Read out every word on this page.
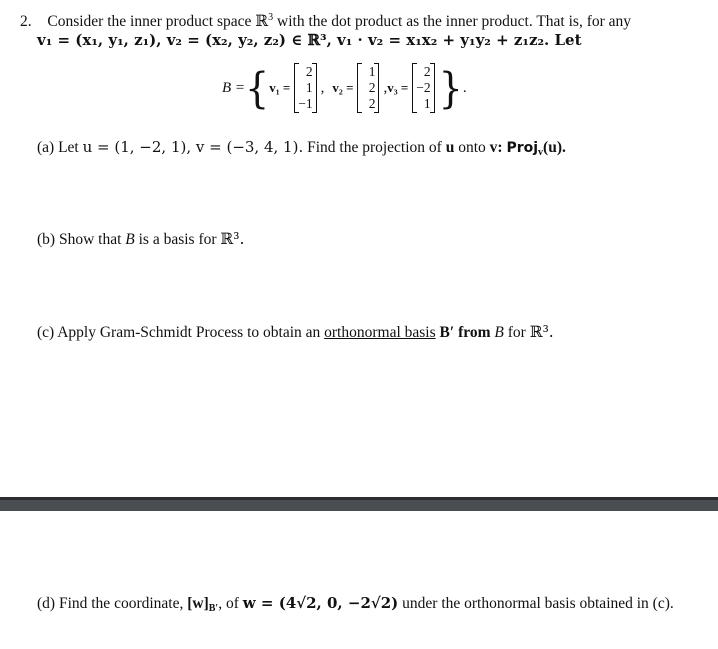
2. Consider the inner product space ℝ$^3$ with the dot product as the inner product. That is, for any
v₁ = (x₁, y₁, z₁), v₂ = (x₂, y₂, z₂) ∈ ℝ³, v₁ · v₂ = x₁x₂ + y₁y₂ + z₁z₂. Let
B = { v₁ =
2
1
−1
, v₂ =
1
2
2
, v₃ =
2
−2
1 } .
(a) Let u = (1, −2, 1), v = (−3, 4, 1). Find the projection of u onto v: Proj$_v$(u).
(b) Show that B is a basis for ℝ³.
(c) Apply Gram-Schmidt Process to obtain an orthonormal basis B′ from B for ℝ³.
(d) Find the coordinate, $[w]_{B'}$, of w = (4√2, 0, −2√2) under the orthonormal basis obtained in (c).
